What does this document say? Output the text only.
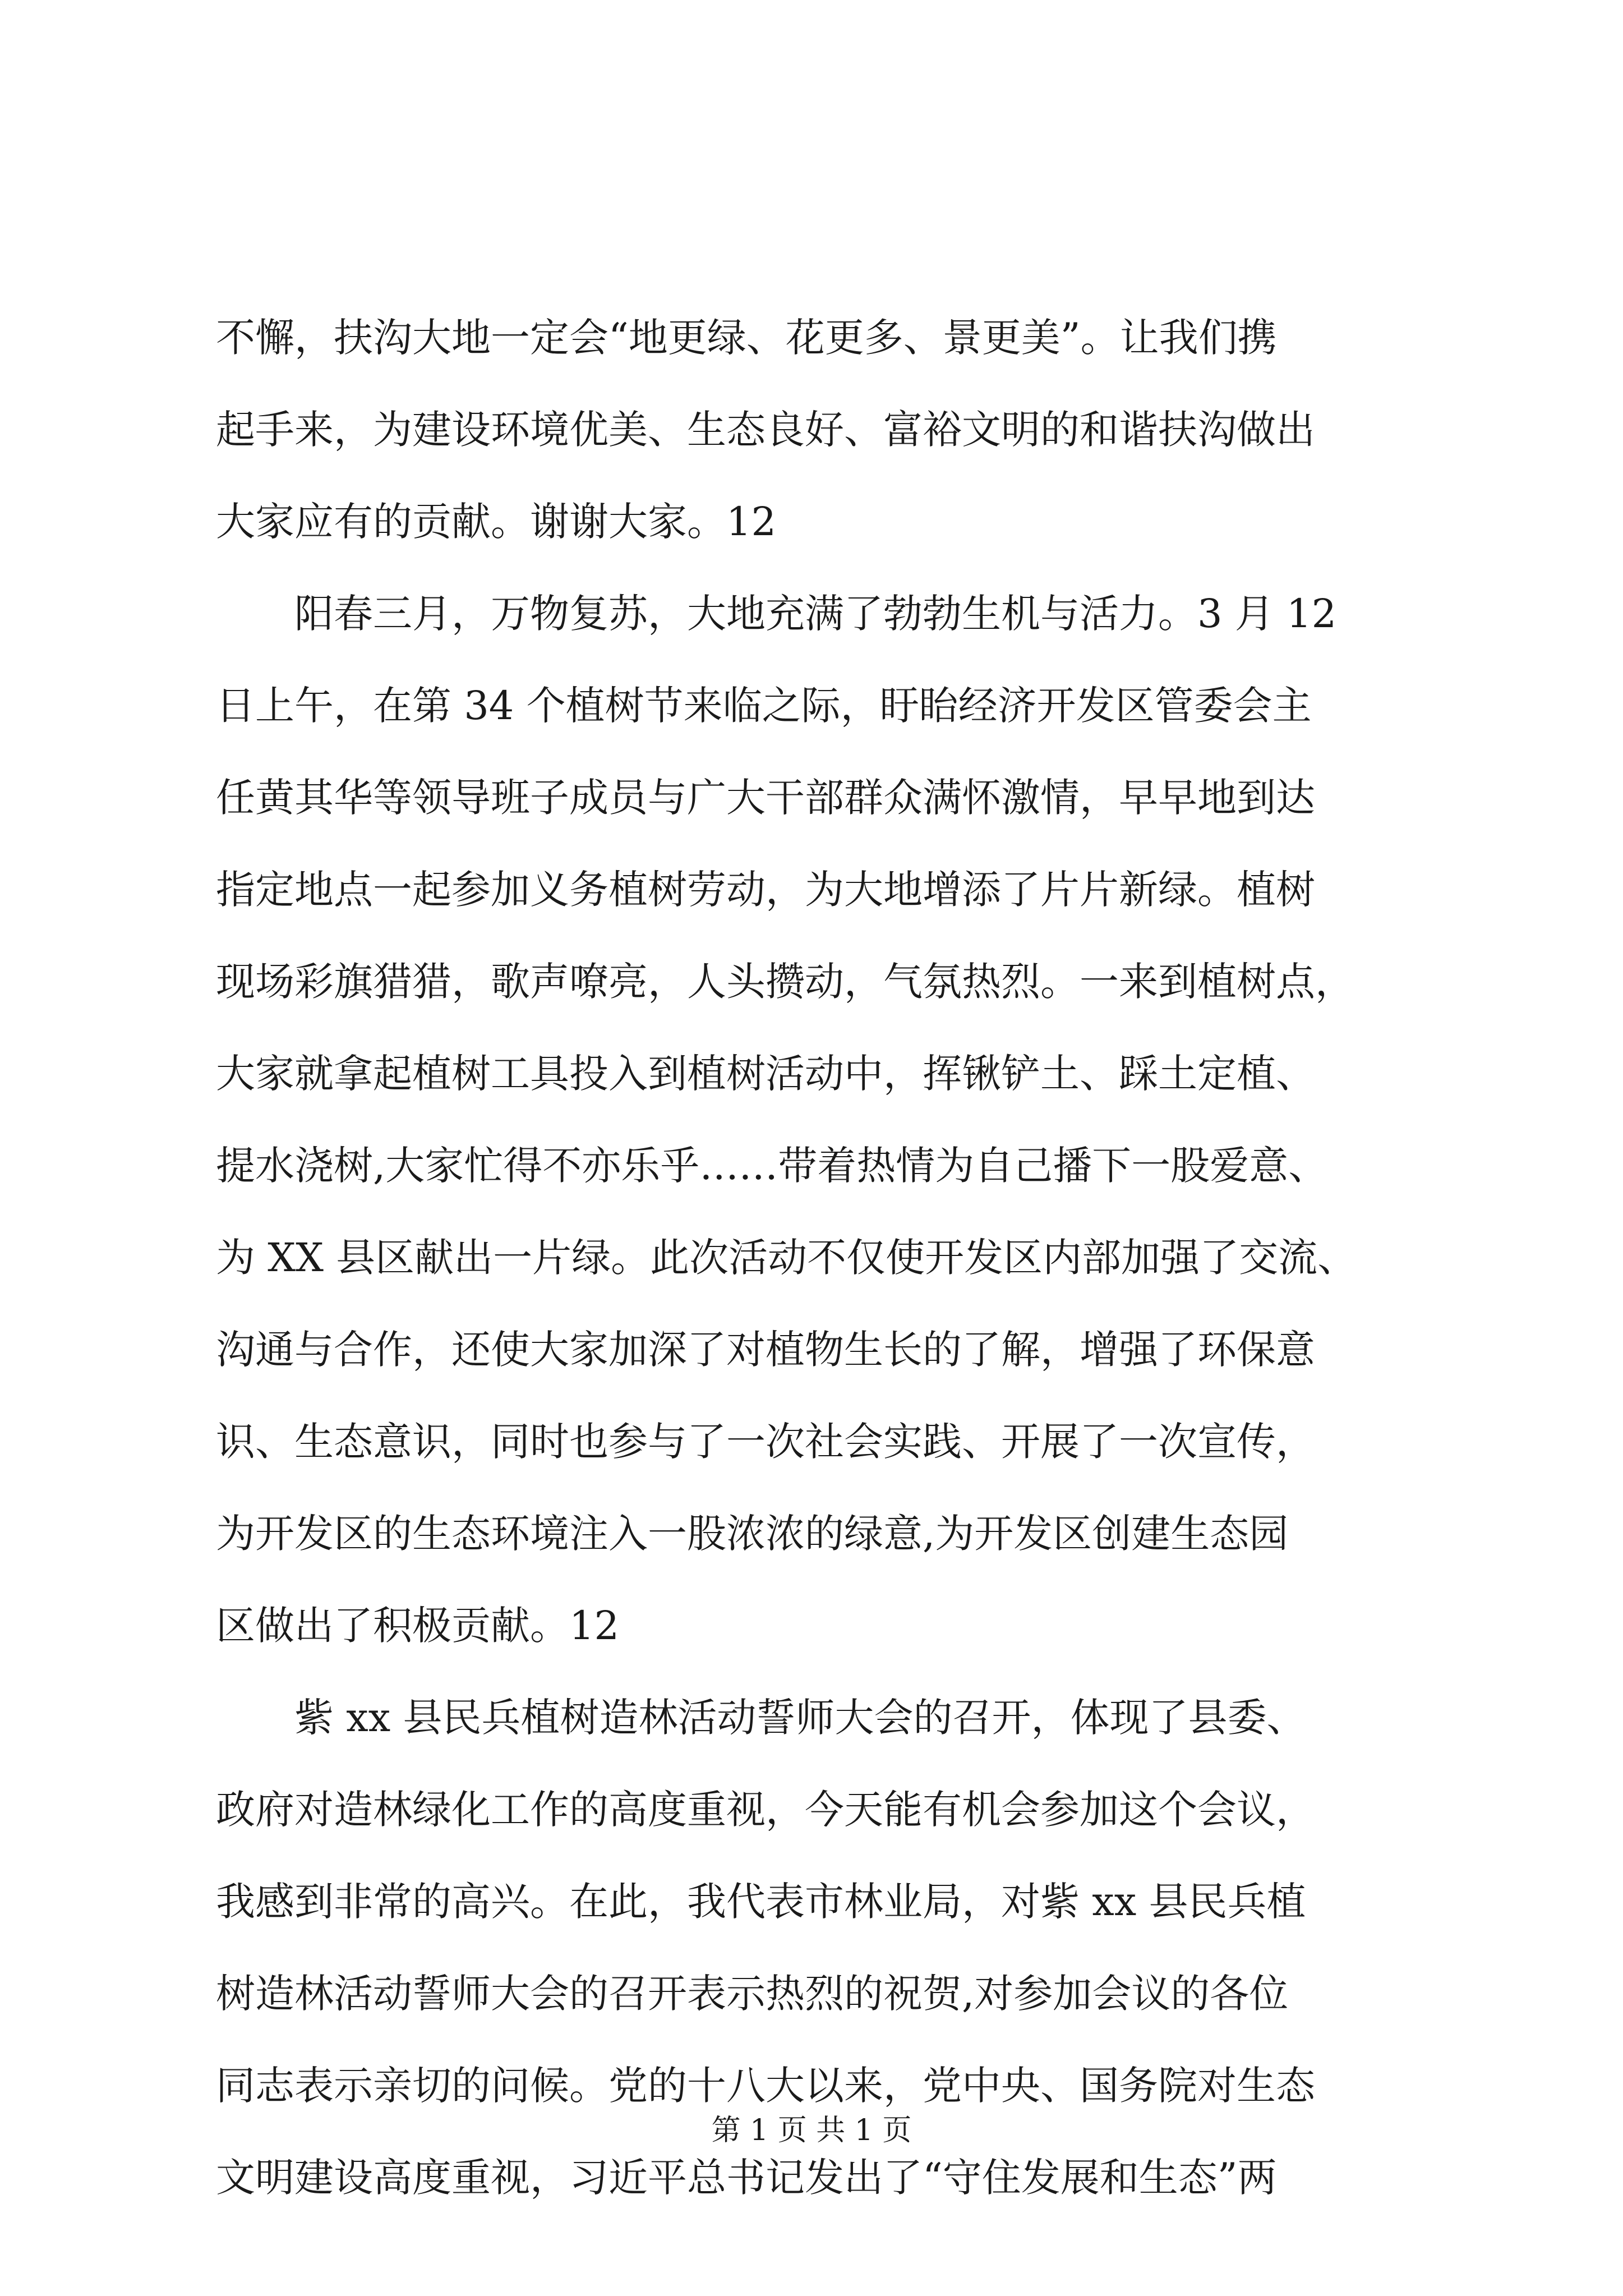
不懈，扶沟大地一定会“地更绿、花更多、景更美”。让我们携
起手来，为建设环境优美、生态良好、富裕文明的和谐扶沟做出
大家应有的贡献。谢谢大家。12
阳春三月，万物复苏，大地充满了勃勃生机与活力。3 月 12
日上午，在第 34 个植树节来临之际，盱眙经济开发区管委会主
任黄其华等领导班子成员与广大干部群众满怀激情，早早地到达
指定地点一起参加义务植树劳动，为大地增添了片片新绿。植树
现场彩旗猎猎，歌声嘹亮，人头攒动，气氛热烈。一来到植树点，
大家就拿起植树工具投入到植树活动中，挥锹铲土、踩土定植、
提水浇树,大家忙得不亦乐乎……带着热情为自己播下一股爱意、
为 XX 县区献出一片绿。此次活动不仅使开发区内部加强了交流、
沟通与合作，还使大家加深了对植物生长的了解，增强了环保意
识、生态意识，同时也参与了一次社会实践、开展了一次宣传，
为开发区的生态环境注入一股浓浓的绿意,为开发区创建生态园
区做出了积极贡献。12
紫 xx 县民兵植树造林活动誓师大会的召开，体现了县委、
政府对造林绿化工作的高度重视，今天能有机会参加这个会议，
我感到非常的高兴。在此，我代表市林业局，对紫 xx 县民兵植
树造林活动誓师大会的召开表示热烈的祝贺,对参加会议的各位
同志表示亲切的问候。党的十八大以来，党中央、国务院对生态
文明建设高度重视，习近平总书记发出了“守住发展和生态”两
第 1 页 共 1 页
